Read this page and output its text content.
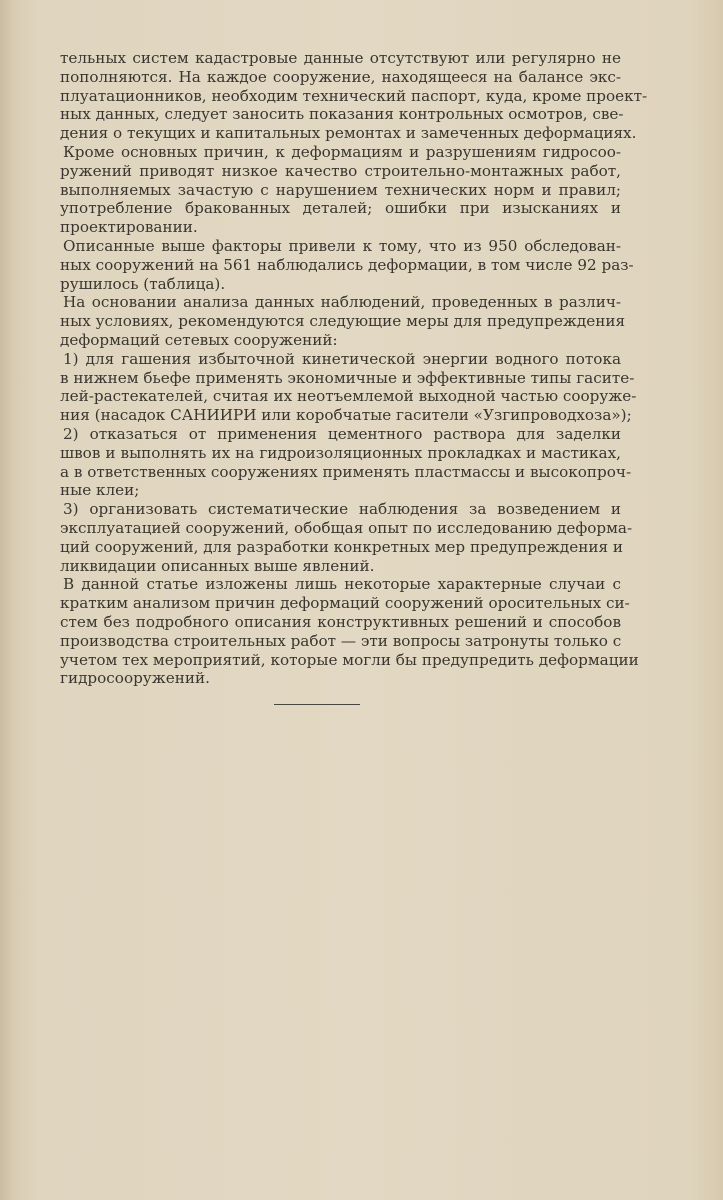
тельных систем кадастровые данные отсутствуют или регулярно не
пополняются. На каждое сооружение, находящееся на балансе экс-
плуатационников, необходим технический паспорт, куда, кроме проект-
ных данных, следует заносить показания контрольных осмотров, све-
дения о текущих и капитальных ремонтах и замеченных деформациях.

Кроме основных причин, к деформациям и разрушениям гидросоо-
ружений приводят низкое качество строительно-монтажных работ,
выполняемых зачастую с нарушением технических норм и правил;
употребление бракованных деталей; ошибки при изысканиях и
проектировании.

Описанные выше факторы привели к тому, что из 950 обследован-
ных сооружений на 561 наблюдались деформации, в том числе 92 раз-
рушилось (таблица).

На основании анализа данных наблюдений, проведенных в различ-
ных условиях, рекомендуются следующие меры для предупреждения
деформаций сетевых сооружений:

1) для гашения избыточной кинетической энергии водного потока
в нижнем бьефе применять экономичные и эффективные типы гасите-
лей-растекателей, считая их неотъемлемой выходной частью сооруже-
ния (насадок САНИИРИ или коробчатые гасители «Узгипроводхоза»);

2) отказаться от применения цементного раствора для заделки
швов и выполнять их на гидроизоляционных прокладках и мастиках,
а в ответственных сооружениях применять пластмассы и высокопроч-
ные клеи;

3) организовать систематические наблюдения за возведением и
эксплуатацией сооружений, обобщая опыт по исследованию деформа-
ций сооружений, для разработки конкретных мер предупреждения и
ликвидации описанных выше явлений.

В данной статье изложены лишь некоторые характерные случаи с
кратким анализом причин деформаций сооружений оросительных си-
стем без подробного описания конструктивных решений и способов
производства строительных работ — эти вопросы затронуты только с
учетом тех мероприятий, которые могли бы предупредить деформации
гидросооружений.
